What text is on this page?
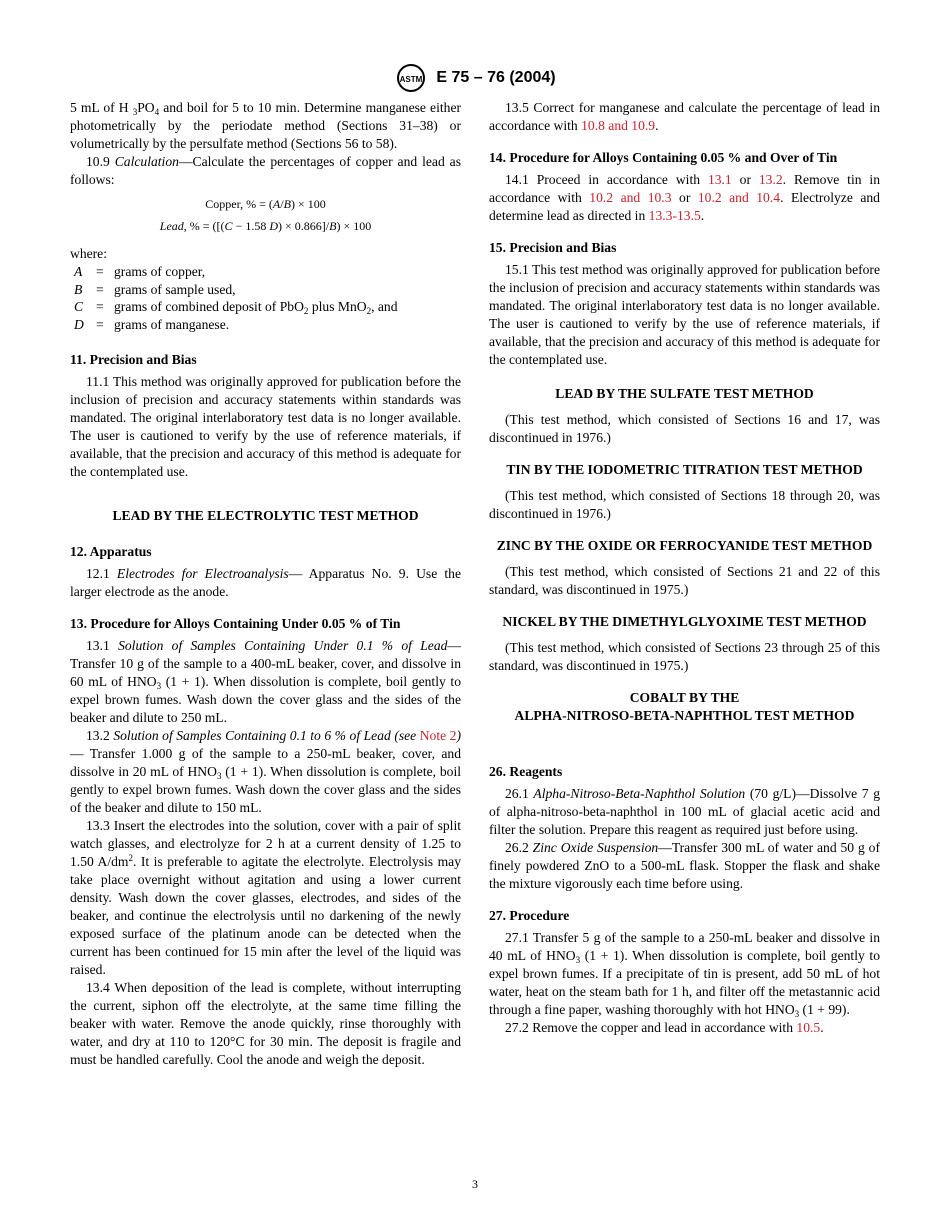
ASTM E 75 – 76 (2004)

5 mL of H $_3PO_4$ and boil for 5 to 10 min. Determine manganese either photometrically by the periodate method (Sections 31–38) or volumetrically by the persulfate method (Sections 56 to 58).

10.9 Calculation—Calculate the percentages of copper and lead as follows:

Copper, % = (A/B) × 100
Lead, % = ([(C − 1.58 D) × 0.866]/B) × 100

where:

A	= grams of copper,
B	= grams of sample used,
C = grams of combined deposit of PbO$_2$ plus MnO$_2$, and
D = grams of manganese.

11. Precision and Bias

11.1 This method was originally approved for publication before the inclusion of precision and accuracy statements within standards was mandated. The original interlaboratory test data is no longer available. The user is cautioned to verify by the use of reference materials, if available, that the precision and accuracy of this method is adequate for the contemplated use.

LEAD BY THE ELECTROLYTIC TEST METHOD

12. Apparatus

12.1 Electrodes for Electroanalysis— Apparatus No. 9. Use the larger electrode as the anode.

13. Procedure for Alloys Containing Under 0.05 % of Tin

13.1 Solution of Samples Containing Under 0.1 % of Lead—Transfer 10 g of the sample to a 400-mL beaker, cover, and dissolve in 60 mL of $HNO_3$ (1 + 1). When dissolution is complete, boil gently to expel brown fumes. Wash down the cover glass and the sides of the beaker and dilute to 250 mL.

13.2 Solution of Samples Containing 0.1 to 6 % of Lead (see Note 2)— Transfer 1.000 g of the sample to a 250-mL beaker, cover, and dissolve in 20 mL of $HNO_3$ (1 + 1). When dissolution is complete, boil gently to expel brown fumes. Wash down the cover glass and the sides of the beaker and dilute to 150 mL.

13.3 Insert the electrodes into the solution, cover with a pair of split watch glasses, and electrolyze for 2 h at a current density of 1.25 to 1.50 $A/dm^2$. It is preferable to agitate the electrolyte. Electrolysis may take place overnight without agitation and using a lower current density. Wash down the cover glasses, electrodes, and sides of the beaker, and continue the electrolysis until no darkening of the newly exposed surface of the platinum anode can be detected when the current has been continued for 15 min after the level of the liquid was raised.

13.4 When deposition of the lead is complete, without interrupting the current, siphon off the electrolyte, at the same time filling the beaker with water. Remove the anode quickly, rinse thoroughly with water, and dry at 110 to 120°C for 30 min. The deposit is fragile and must be handled carefully. Cool the anode and weigh the deposit.

13.5 Correct for manganese and calculate the percentage of lead in accordance with 10.8 and 10.9.

14. Procedure for Alloys Containing 0.05 % and Over of Tin

14.1 Proceed in accordance with 13.1 or 13.2. Remove tin in accordance with 10.2 and 10.3 or 10.2 and 10.4. Electrolyze and determine lead as directed in 13.3-13.5.

15. Precision and Bias

15.1 This test method was originally approved for publication before the inclusion of precision and accuracy statements within standards was mandated. The original interlaboratory test data is no longer available. The user is cautioned to verify by the use of reference materials, if available, that the precision and accuracy of this method is adequate for the contemplated use.

LEAD BY THE SULFATE TEST METHOD

(This test method, which consisted of Sections 16 and 17, was discontinued in 1976.)

TIN BY THE IODOMETRIC TITRATION TEST METHOD

(This test method, which consisted of Sections 18 through 20, was discontinued in 1976.)

ZINC BY THE OXIDE OR FERROCYANIDE TEST METHOD

(This test method, which consisted of Sections 21 and 22 of this standard, was discontinued in 1975.)

NICKEL BY THE DIMETHYLGLYOXIME TEST METHOD

(This test method, which consisted of Sections 23 through 25 of this standard, was discontinued in 1975.)

COBALT BY THE

ALPHA-NITROSO-BETA-NAPHTHOL TEST METHOD

26. Reagents

26.1 Alpha-Nitroso-Beta-Naphthol Solution (70 g/L)—Dissolve 7 g of alpha-nitroso-beta-naphthol in 100 mL of glacial acetic acid and filter the solution. Prepare this reagent as required just before using.

26.2 Zinc Oxide Suspension—Transfer 300 mL of water and 50 g of finely powdered ZnO to a 500-mL flask. Stopper the flask and shake the mixture vigorously each time before using.

27. Procedure

27.1 Transfer 5 g of the sample to a 250-mL beaker and dissolve in 40 mL of $HNO_3$ (1 + 1). When dissolution is complete, boil gently to expel brown fumes. If a precipitate of tin is present, add 50 mL of hot water, heat on the steam bath for 1 h, and filter off the metastannic acid through a fine paper, washing thoroughly with hot $HNO_3$ (1 + 99).

27.2 Remove the copper and lead in accordance with 10.5.

3
